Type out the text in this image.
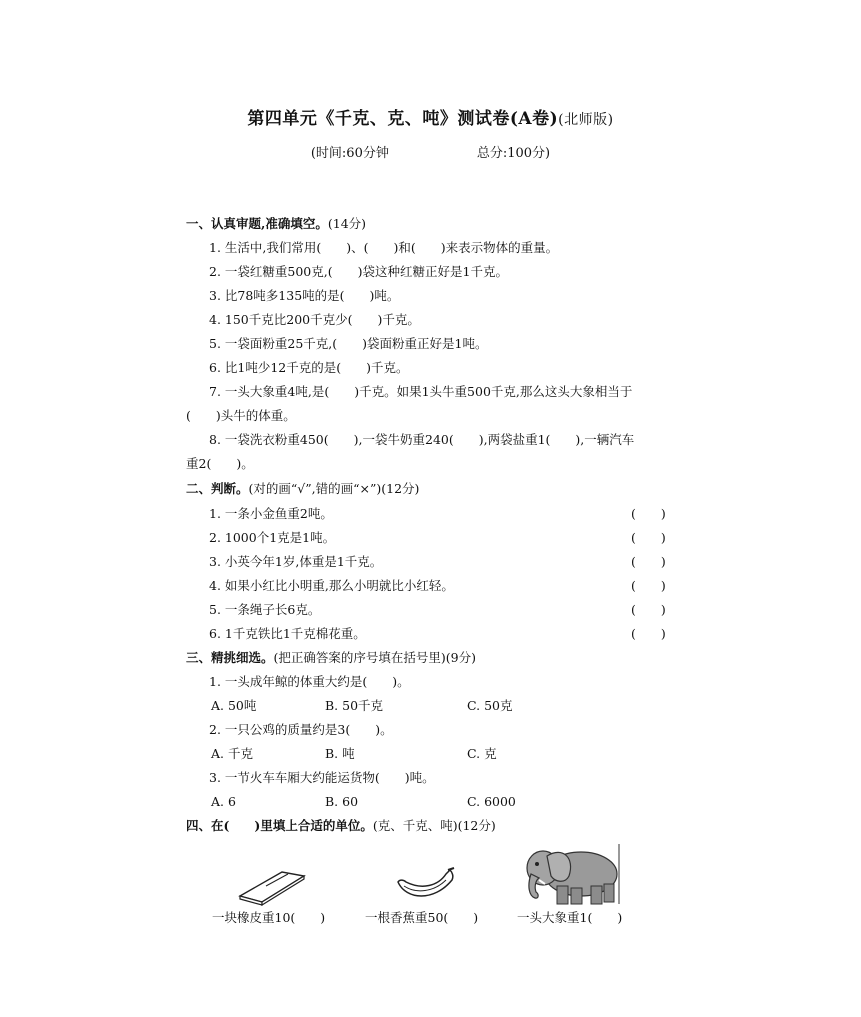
第四单元《千克、克、吨》测试卷(A卷)(北师版)
(时间:60分钟	总分:100分)
一、认真审题,准确填空。(14分)
1. 生活中,我们常用(　　)、(　　)和(　　)来表示物体的重量。
2. 一袋红糖重500克,(　　)袋这种红糖正好是1千克。
3. 比78吨多135吨的是(　　)吨。
4. 150千克比200千克少(　　)千克。
5. 一袋面粉重25千克,(　　)袋面粉重正好是1吨。
6. 比1吨少12千克的是(　　)千克。
7. 一头大象重4吨,是(　　)千克。如果1头牛重500千克,那么这头大象相当于
(　　)头牛的体重。
8. 一袋洗衣粉重450(　　),一袋牛奶重240(　　),两袋盐重1(　　),一辆汽车
重2(　　)。
二、判断。(对的画“√”,错的画“×”)(12分)
1. 一条小金鱼重2吨。	(　　)
2. 1000个1克是1吨。	(　　)
3. 小英今年1岁,体重是1千克。	(　　)
4. 如果小红比小明重,那么小明就比小红轻。	(　　)
5. 一条绳子长6克。	(　　)
6. 1千克铁比1千克棉花重。	(　　)
三、精挑细选。(把正确答案的序号填在括号里)(9分)
1. 一头成年鲸的体重大约是(　　)。
A. 50吨	B. 50千克	C. 50克
2. 一只公鸡的质量约是3(　　)。
A. 千克	B. 吨	C. 克
3. 一节火车车厢大约能运货物(　　)吨。
A. 6	B. 60	C. 6000
四、在(　　)里填上合适的单位。(克、千克、吨)(12分)
一块橡皮重10(　　)	一根香蕉重50(　　)	一头大象重1(　　)
